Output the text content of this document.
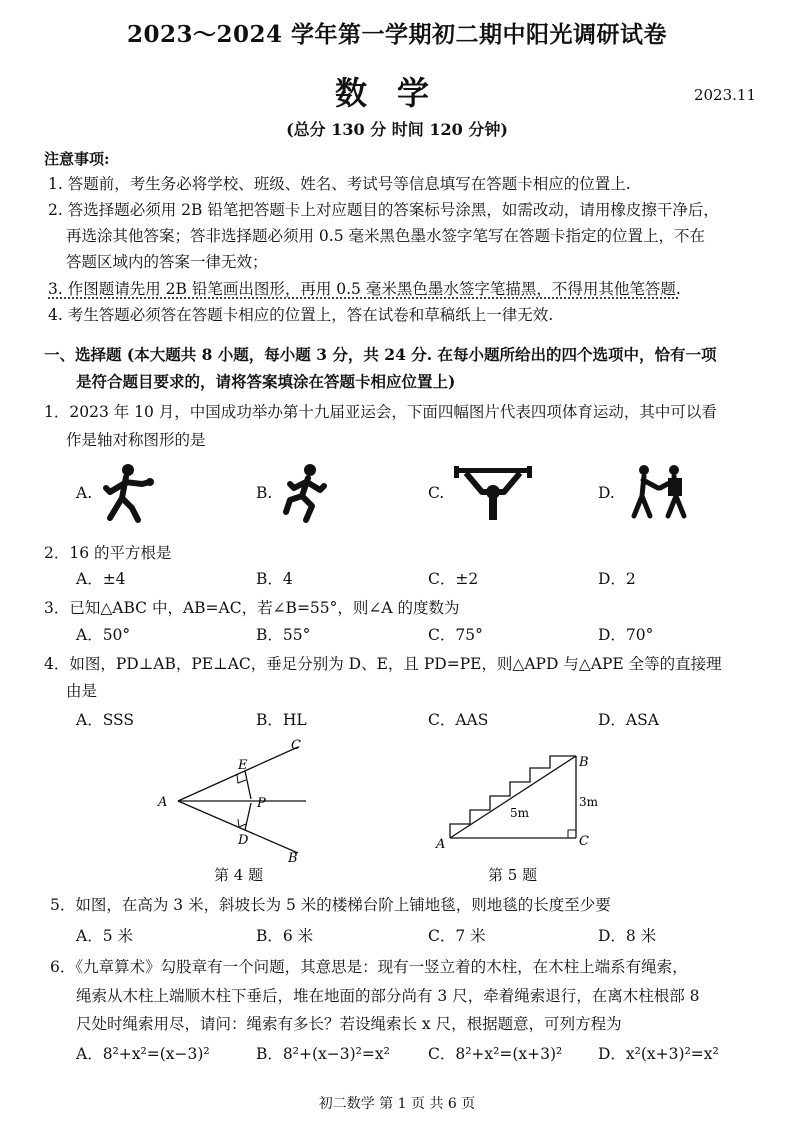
2023～2024 学年第一学期初二期中阳光调研试卷
数学	2023.11
(总分 130 分 时间 120 分钟)
注意事项:
1. 答题前，考生务必将学校、班级、姓名、考试号等信息填写在答题卡相应的位置上.
2. 答选择题必须用 2B 铅笔把答题卡上对应题目的答案标号涂黑，如需改动，请用橡皮擦干净后，
再选涂其他答案；答非选择题必须用 0.5 毫米黑色墨水签字笔写在答题卡指定的位置上，不在
答题区域内的答案一律无效；
3. 作图题请先用 2B 铅笔画出图形，再用 0.5 毫米黑色墨水签字笔描黑，不得用其他笔答题.
4. 考生答题必须答在答题卡相应的位置上，答在试卷和草稿纸上一律无效.
一、选择题 (本大题共 8 小题，每小题 3 分，共 24 分. 在每小题所给出的四个选项中，恰有一项
是符合题目要求的，请将答案填涂在答题卡相应位置上)
1．2023 年 10 月，中国成功举办第十九届亚运会，下面四幅图片代表四项体育运动，其中可以看
作是轴对称图形的是
A.	B.	C.	D.
2．16 的平方根是
A．±4	B．4	C．±2	D．2
3．已知△ABC 中，AB=AC，若∠B=55°，则∠A 的度数为
A．50°	B．55°	C．75°	D．70°
4．如图，PD⊥AB，PE⊥AC，垂足分别为 D、E，且 PD=PE，则△APD 与△APE 全等的直接理
由是
A．SSS	B．HL	C．AAS	D．ASA
A
C
B
E
D
P
第 4 题
A
B
C
5m
3m
第 5 题
5．如图，在高为 3 米，斜坡长为 5 米的楼梯台阶上铺地毯，则地毯的长度至少要
A．5 米	B．6 米	C．7 米	D．8 米
6．《九章算术》勾股章有一个问题，其意思是：现有一竖立着的木柱，在木柱上端系有绳索，
绳索从木柱上端顺木柱下垂后，堆在地面的部分尚有 3 尺，牵着绳索退行，在离木柱根部 8
尺处时绳索用尽，请问：绳索有多长？若设绳索长 x 尺，根据题意，可列方程为
A．8²+x²=(x−3)²	B．8²+(x−3)²=x² C．8²+x²=(x+3)² D．x²(x+3)²=x²
初二数学 第 1 页 共 6 页
